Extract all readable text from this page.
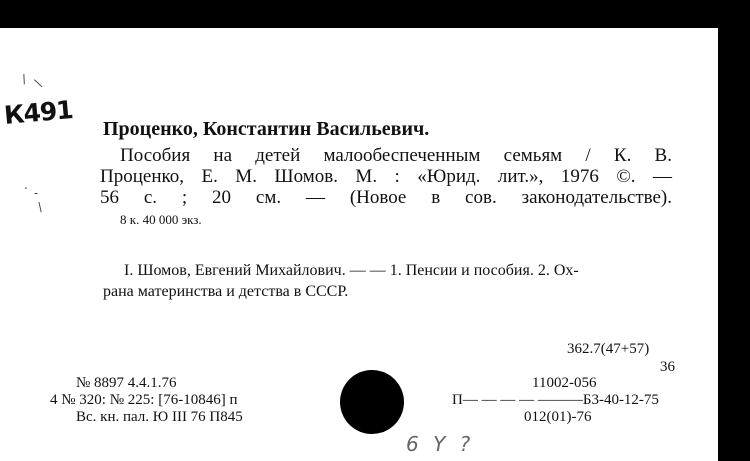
/ \
.
-
/
К491 Проценко, Константин Васильевич.
Пособия на детей малообеспеченным семьям / К. В.
Проценко, Е. М. Шомов. М. : «Юрид. лит.», 1976 ©. —
56 с. ; 20 см. — (Новое в сов. законодательстве).
8 к. 40 000 экз.
I. Шомов, Евгений Михайлович. — — 1. Пенсии и пособия. 2. Ох-
рана материнства и детства в СССР.
362.7(47+57)
36
№ 8897 4.4.1.76
4 № 320: № 225: [76-10846] п
Вс. кн. пал. Ю ІІІ 76 П845
11002-056
П— — — — ———Б3-40-12-75
012(01)-76
6 Y ?
